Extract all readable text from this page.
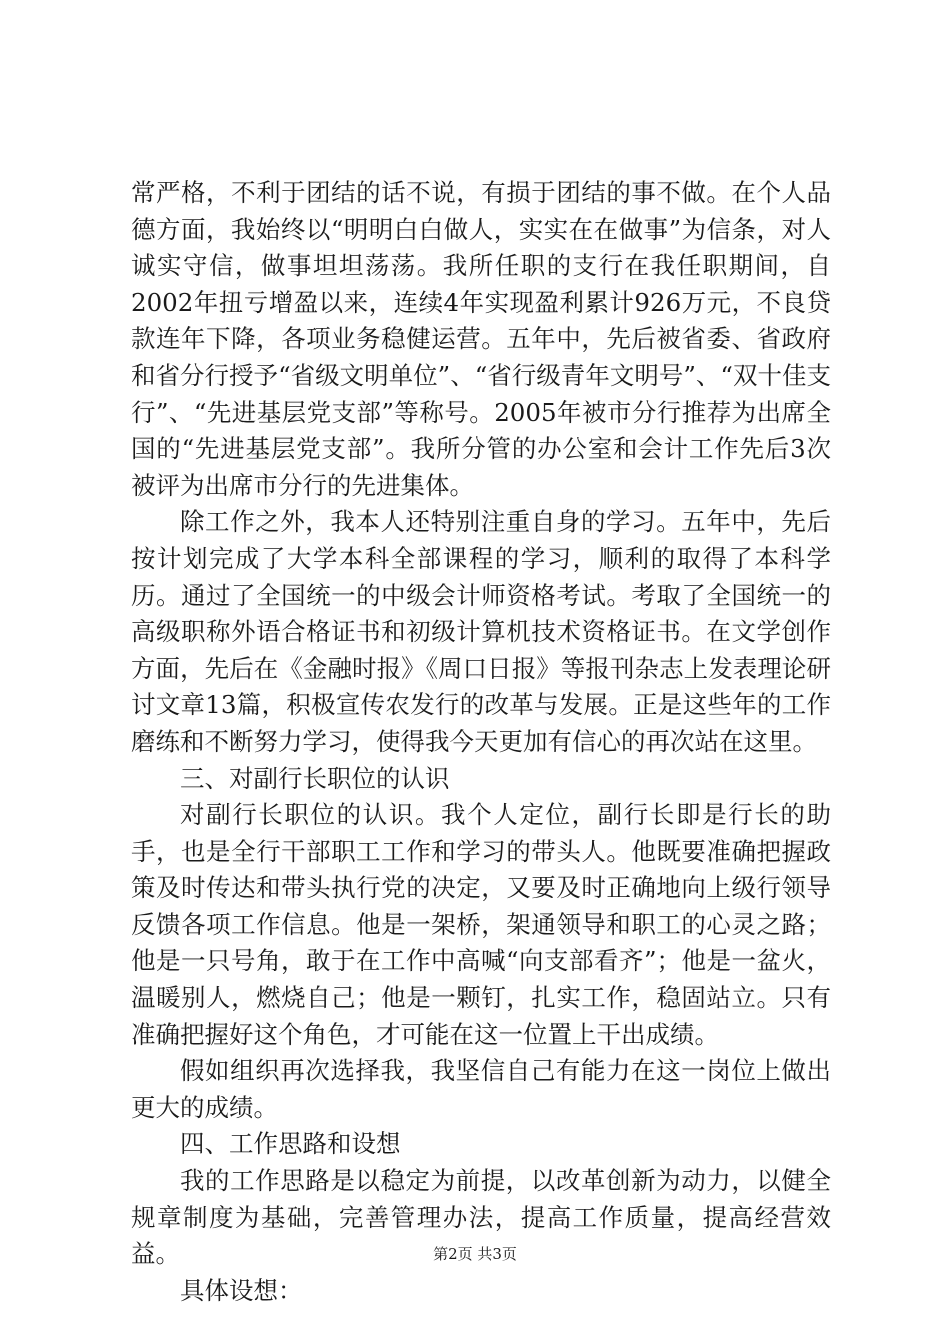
常严格，不利于团结的话不说，有损于团结的事不做。在个人品德方面，我始终以“明明白白做人，实实在在做事”为信条，对人诚实守信，做事坦坦荡荡。我所任职的支行在我任职期间，自2002年扭亏增盈以来，连续4年实现盈利累计926万元，不良贷款连年下降，各项业务稳健运营。五年中，先后被省委、省政府和省分行授予“省级文明单位”、“省行级青年文明号”、“双十佳支行”、“先进基层党支部”等称号。2005年被市分行推荐为出席全国的“先进基层党支部”。我所分管的办公室和会计工作先后3次被评为出席市分行的先进集体。

除工作之外，我本人还特别注重自身的学习。五年中，先后按计划完成了大学本科全部课程的学习，顺利的取得了本科学历。通过了全国统一的中级会计师资格考试。考取了全国统一的高级职称外语合格证书和初级计算机技术资格证书。在文学创作方面，先后在《金融时报》《周口日报》等报刊杂志上发表理论研讨文章13篇，积极宣传农发行的改革与发展。正是这些年的工作磨练和不断努力学习，使得我今天更加有信心的再次站在这里。

三、对副行长职位的认识

对副行长职位的认识。我个人定位，副行长即是行长的助手，也是全行干部职工工作和学习的带头人。他既要准确把握政策及时传达和带头执行党的决定，又要及时正确地向上级行领导反馈各项工作信息。他是一架桥，架通领导和职工的心灵之路；他是一只号角，敢于在工作中高喊“向支部看齐”；他是一盆火，温暖别人，燃烧自己；他是一颗钉，扎实工作，稳固站立。只有准确把握好这个角色，才可能在这一位置上干出成绩。

假如组织再次选择我，我坚信自己有能力在这一岗位上做出更大的成绩。

四、工作思路和设想

我的工作思路是以稳定为前提，以改革创新为动力，以健全规章制度为基础，完善管理办法，提高工作质量，提高经营效益。

具体设想：

第2页 共3页
